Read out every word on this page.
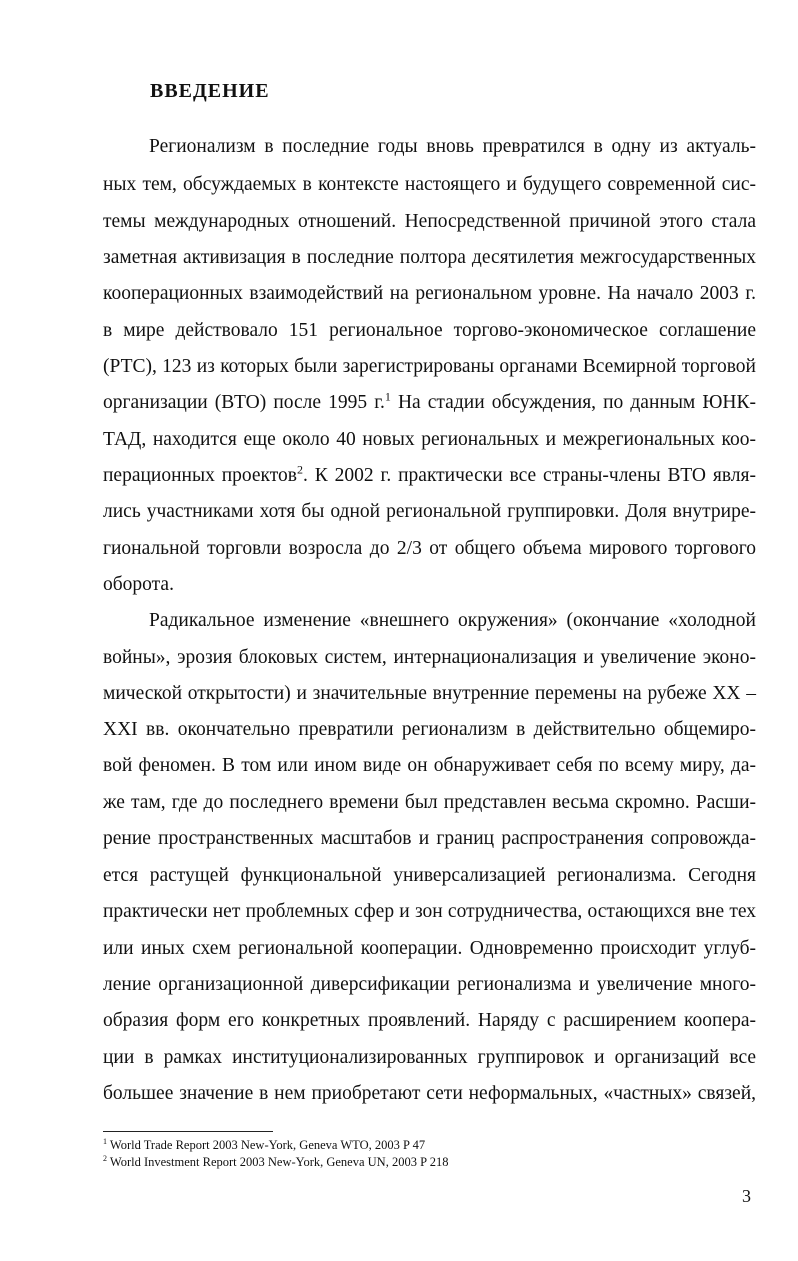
ВВЕДЕНИЕ

Регионализм в последние годы вновь превратился в одну из актуаль-

ных тем, обсуждаемых в контексте настоящего и будущего современной сис-

темы международных отношений. Непосредственной причиной этого стала

заметная активизация в последние полтора десятилетия межгосударственных

кооперационных взаимодействий на региональном уровне. На начало 2003 г.

в мире действовало 151 региональное торгово-экономическое соглашение

(РТС), 123 из которых были зарегистрированы органами Всемирной торговой

организации (ВТО) после 1995 г.$^1$ На стадии обсуждения, по данным ЮНК-

ТАД, находится еще около 40 новых региональных и межрегиональных коо-

перационных проектов$^2$. К 2002 г. практически все страны-члены ВТО явля-

лись участниками хотя бы одной региональной группировки. Доля внутрире-

гиональной торговли возросла до 2/3 от общего объема мирового торгового

оборота.

Радикальное изменение «внешнего окружения» (окончание «холодной

войны», эрозия блоковых систем, интернационализация и увеличение эконо-

мической открытости) и значительные внутренние перемены на рубеже XX –

XXI вв. окончательно превратили регионализм в действительно общемиро-

вой феномен. В том или ином виде он обнаруживает себя по всему миру, да-

же там, где до последнего времени был представлен весьма скромно. Расши-

рение пространственных масштабов и границ распространения сопровожда-

ется растущей функциональной универсализацией регионализма. Сегодня

практически нет проблемных сфер и зон сотрудничества, остающихся вне тех

или иных схем региональной кооперации. Одновременно происходит углуб-

ление организационной диверсификации регионализма и увеличение много-

образия форм его конкретных проявлений. Наряду с расширением коопера-

ции в рамках институционализированных группировок и организаций все

большее значение в нем приобретают сети неформальных, «частных» связей,

$^1$ World Trade Report 2003 New-York, Geneva WTO, 2003 P 47
$^2$ World Investment Report 2003 New-York, Geneva UN, 2003 P 218
3
